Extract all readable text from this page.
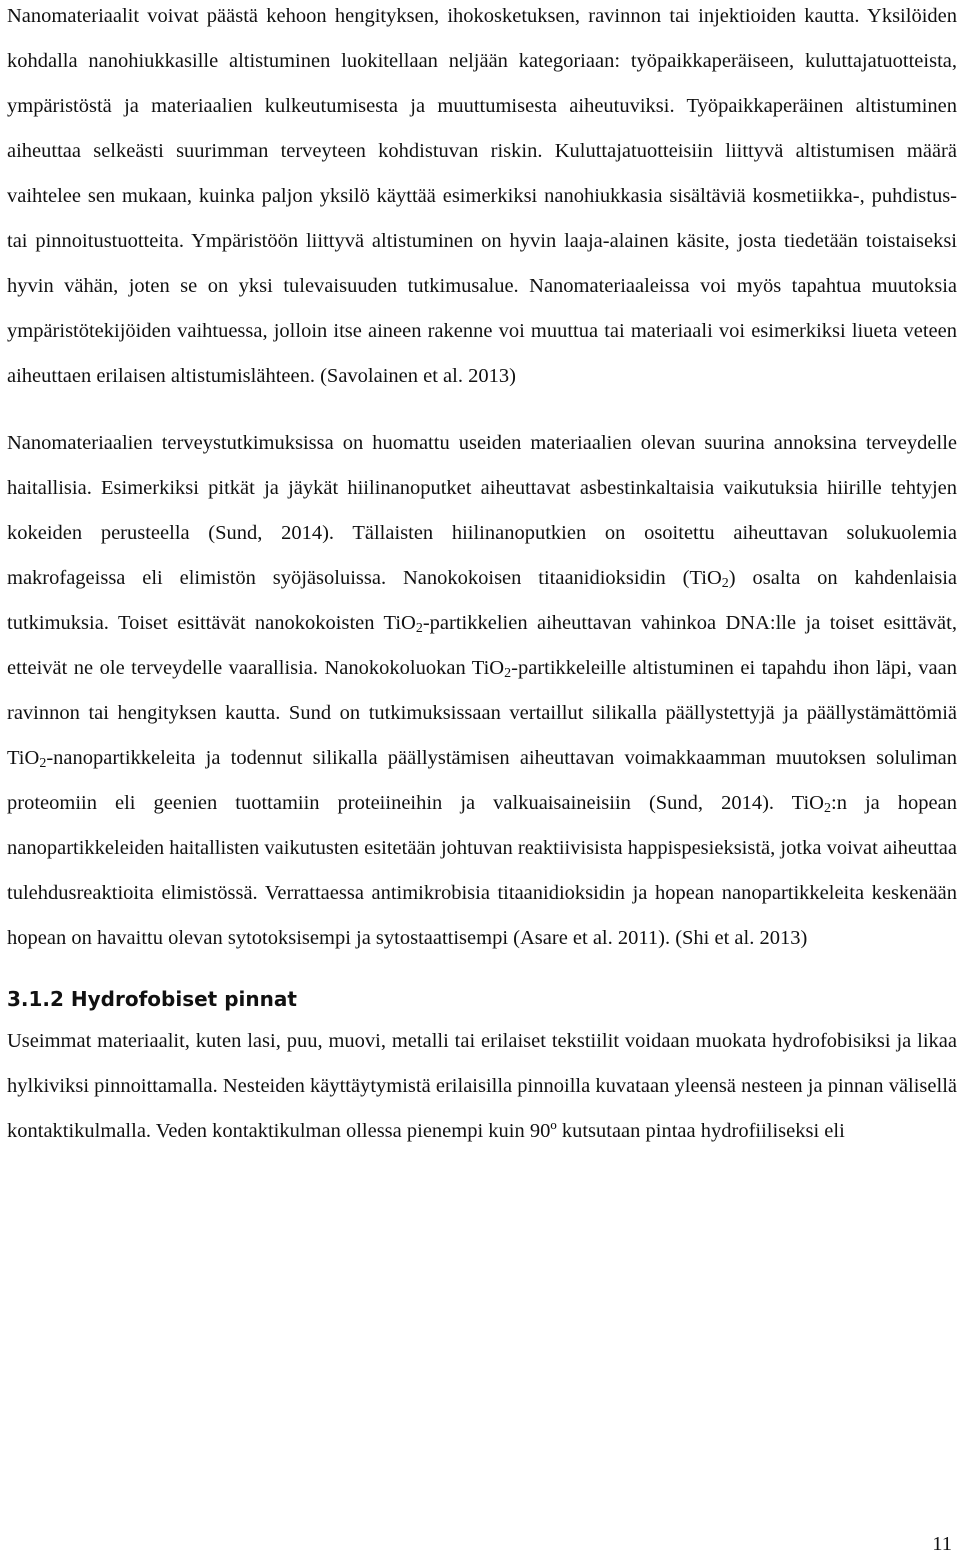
Nanomateriaalit voivat päästä kehoon hengityksen, ihokosketuksen, ravinnon tai injektioiden kautta. Yksilöiden kohdalla nanohiukkasille altistuminen luokitellaan neljään kategoriaan: työpaikkaperäiseen, kuluttajatuotteista, ympäristöstä ja materiaalien kulkeutumisesta ja muuttumisesta aiheutuviksi. Työpaikkaperäinen altistuminen aiheuttaa selkeästi suurimman terveyteen kohdistuvan riskin. Kuluttajatuotteisiin liittyvä altistumisen määrä vaihtelee sen mukaan, kuinka paljon yksilö käyttää esimerkiksi nanohiukkasia sisältäviä kosmetiikka-, puhdistus- tai pinnoitustuotteita. Ympäristöön liittyvä altistuminen on hyvin laaja-alainen käsite, josta tiedetään toistaiseksi hyvin vähän, joten se on yksi tulevaisuuden tutkimusalue. Nanomateriaaleissa voi myös tapahtua muutoksia ympäristötekijöiden vaihtuessa, jolloin itse aineen rakenne voi muuttua tai materiaali voi esimerkiksi liueta veteen aiheuttaen erilaisen altistumislähteen. (Savolainen et al. 2013)

Nanomateriaalien terveystutkimuksissa on huomattu useiden materiaalien olevan suurina annoksina terveydelle haitallisia. Esimerkiksi pitkät ja jäykät hiilinanoputket aiheuttavat asbestinkaltaisia vaikutuksia hiirille tehtyjen kokeiden perusteella (Sund, 2014). Tällaisten hiilinanoputkien on osoitettu aiheuttavan solukuolemia makrofageissa eli elimistön syöjäsoluissa. Nanokokoisen titaanidioksidin (TiO$_2$) osalta on kahdenlaisia tutkimuksia. Toiset esittävät nanokokoisten TiO$_2$-partikkelien aiheuttavan vahinkoa DNA:lle ja toiset esittävät, etteivät ne ole terveydelle vaarallisia. Nanokokoluokan TiO$_2$-partikkeleille altistuminen ei tapahdu ihon läpi, vaan ravinnon tai hengityksen kautta. Sund on tutkimuksissaan vertaillut silikalla päällystettyjä ja päällystämättömiä TiO$_2$-nanopartikkeleita ja todennut silikalla päällystämisen aiheuttavan voimakkaamman muutoksen soluliman proteomiin eli geenien tuottamiin proteiineihin ja valkuaisaineisiin (Sund, 2014). TiO$_2$:n ja hopean nanopartikkeleiden haitallisten vaikutusten esitetään johtuvan reaktiivisista happispesieksistä, jotka voivat aiheuttaa tulehdusreaktioita elimistössä. Verrattaessa antimikrobisia titaanidioksidin ja hopean nanopartikkeleita keskenään hopean on havaittu olevan sytotoksisempi ja sytostaattisempi (Asare et al. 2011). (Shi et al. 2013)

3.1.2 Hydrofobiset pinnat

Useimmat materiaalit, kuten lasi, puu, muovi, metalli tai erilaiset tekstiilit voidaan muokata hydrofobisiksi ja likaa hylkiviksi pinnoittamalla. Nesteiden käyttäytymistä erilaisilla pinnoilla kuvataan yleensä nesteen ja pinnan välisellä kontaktikulmalla. Veden kontaktikulman ollessa pienempi kuin 90º kutsutaan pintaa hydrofiiliseksi eli

11
